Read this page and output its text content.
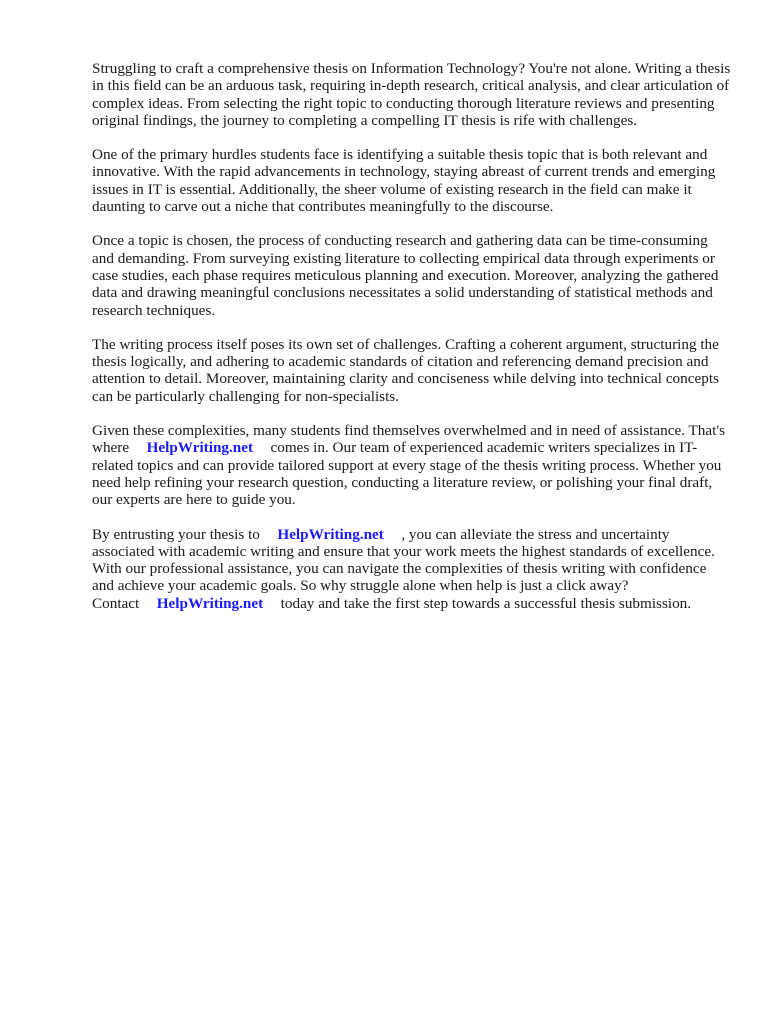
Struggling to craft a comprehensive thesis on Information Technology? You're not alone. Writing a thesis in this field can be an arduous task, requiring in-depth research, critical analysis, and clear articulation of complex ideas. From selecting the right topic to conducting thorough literature reviews and presenting original findings, the journey to completing a compelling IT thesis is rife with challenges.

One of the primary hurdles students face is identifying a suitable thesis topic that is both relevant and innovative. With the rapid advancements in technology, staying abreast of current trends and emerging issues in IT is essential. Additionally, the sheer volume of existing research in the field can make it daunting to carve out a niche that contributes meaningfully to the discourse.

Once a topic is chosen, the process of conducting research and gathering data can be time-consuming and demanding. From surveying existing literature to collecting empirical data through experiments or case studies, each phase requires meticulous planning and execution. Moreover, analyzing the gathered data and drawing meaningful conclusions necessitates a solid understanding of statistical methods and research techniques.

The writing process itself poses its own set of challenges. Crafting a coherent argument, structuring the thesis logically, and adhering to academic standards of citation and referencing demand precision and attention to detail. Moreover, maintaining clarity and conciseness while delving into technical concepts can be particularly challenging for non-specialists.

Given these complexities, many students find themselves overwhelmed and in need of assistance. That's where HelpWriting.net comes in. Our team of experienced academic writers specializes in IT-related topics and can provide tailored support at every stage of the thesis writing process. Whether you need help refining your research question, conducting a literature review, or polishing your final draft, our experts are here to guide you.

By entrusting your thesis to HelpWriting.net , you can alleviate the stress and uncertainty associated with academic writing and ensure that your work meets the highest standards of excellence. With our professional assistance, you can navigate the complexities of thesis writing with confidence and achieve your academic goals. So why struggle alone when help is just a click away? Contact HelpWriting.net today and take the first step towards a successful thesis submission.
